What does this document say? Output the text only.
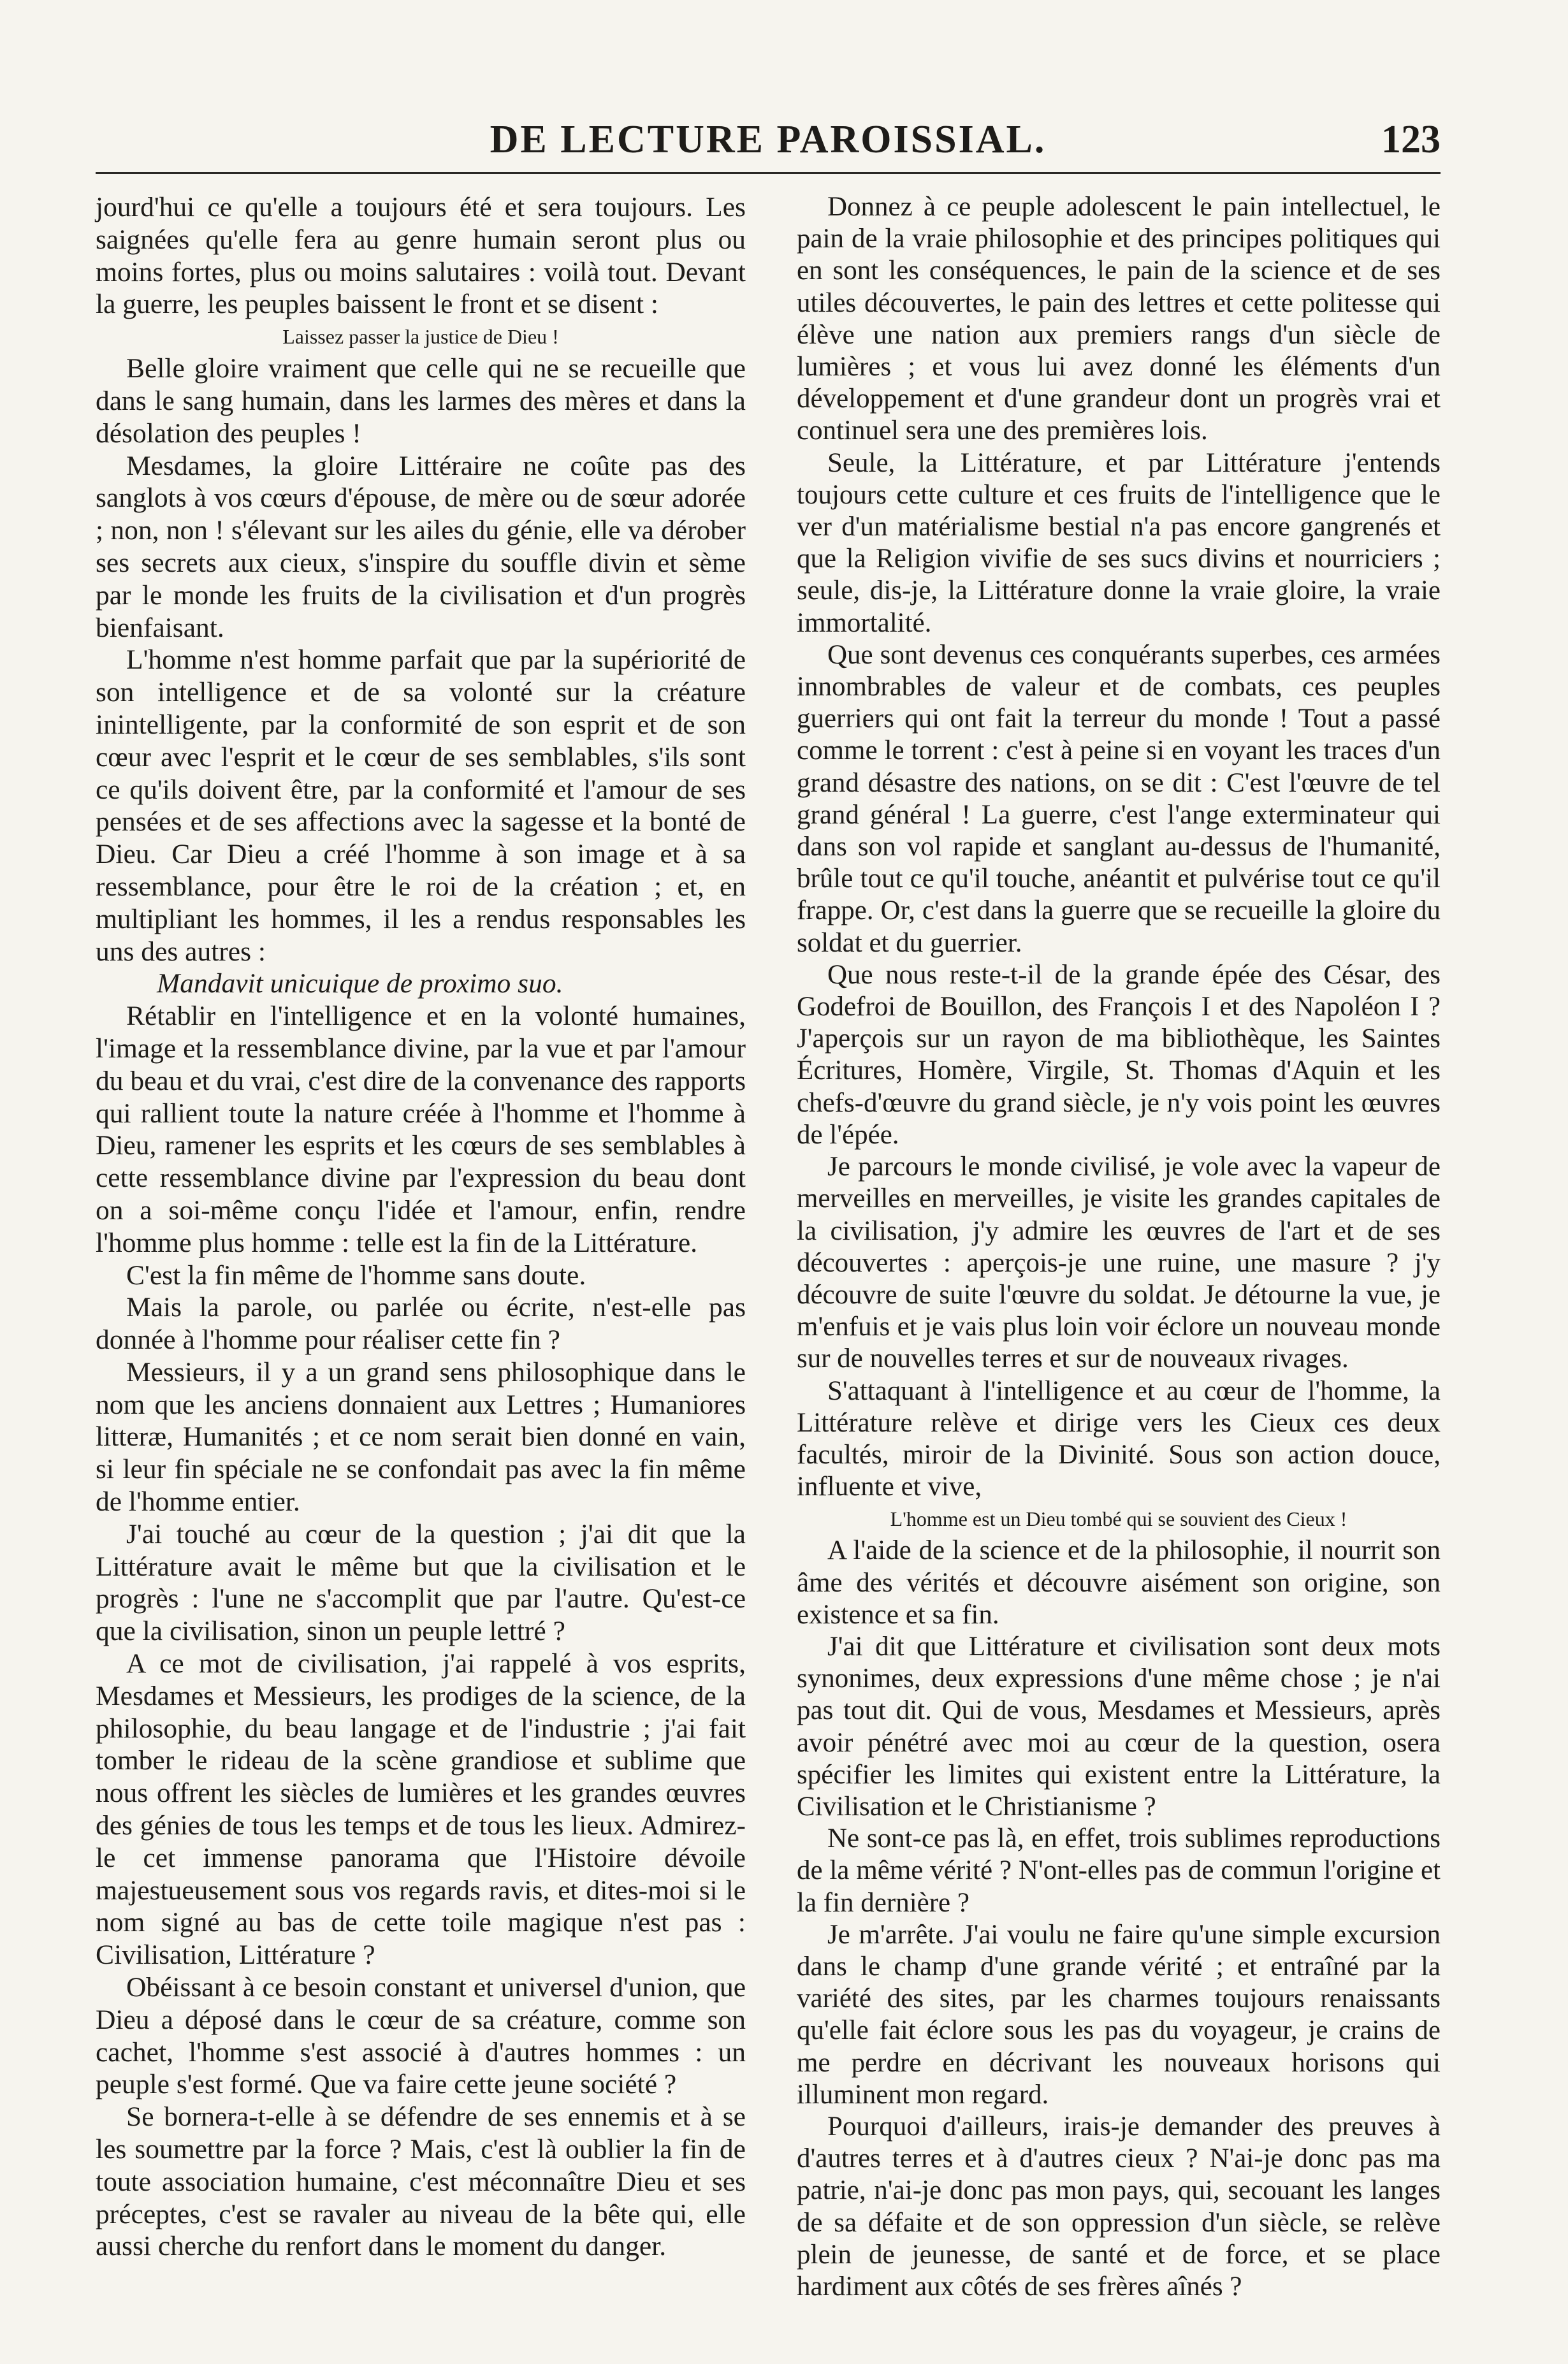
DE LECTURE PAROISSIAL.	123

jourd'hui ce qu'elle a toujours été et sera toujours. Les saignées qu'elle fera au genre humain seront plus ou moins fortes, plus ou moins salutaires : voilà tout. Devant la guerre, les peuples baissent le front et se disent :

Laissez passer la justice de Dieu !

Belle gloire vraiment que celle qui ne se recueille que dans le sang humain, dans les larmes des mères et dans la désolation des peuples !

Mesdames, la gloire Littéraire ne coûte pas des sanglots à vos cœurs d'épouse, de mère ou de sœur adorée ; non, non ! s'élevant sur les ailes du génie, elle va dérober ses secrets aux cieux, s'inspire du souffle divin et sème par le monde les fruits de la civilisation et d'un progrès bienfaisant.

L'homme n'est homme parfait que par la supériorité de son intelligence et de sa volonté sur la créature inintelligente, par la conformité de son esprit et de son cœur avec l'esprit et le cœur de ses semblables, s'ils sont ce qu'ils doivent être, par la conformité et l'amour de ses pensées et de ses affections avec la sagesse et la bonté de Dieu. Car Dieu a créé l'homme à son image et à sa ressemblance, pour être le roi de la création ; et, en multipliant les hommes, il les a rendus responsables les uns des autres :

Mandavit unicuique de proximo suo.

Rétablir en l'intelligence et en la volonté humaines, l'image et la ressemblance divine, par la vue et par l'amour du beau et du vrai, c'est dire de la convenance des rapports qui rallient toute la nature créée à l'homme et l'homme à Dieu, ramener les esprits et les cœurs de ses semblables à cette ressemblance divine par l'expression du beau dont on a soi-même conçu l'idée et l'amour, enfin, rendre l'homme plus homme : telle est la fin de la Littérature.

C'est la fin même de l'homme sans doute.

Mais la parole, ou parlée ou écrite, n'est-elle pas donnée à l'homme pour réaliser cette fin ?

Messieurs, il y a un grand sens philosophique dans le nom que les anciens donnaient aux Lettres ; Humaniores litteræ, Humanités ; et ce nom serait bien donné en vain, si leur fin spéciale ne se confondait pas avec la fin même de l'homme entier.

J'ai touché au cœur de la question ; j'ai dit que la Littérature avait le même but que la civilisation et le progrès : l'une ne s'accomplit que par l'autre. Qu'est-ce que la civilisation, sinon un peuple lettré ?

A ce mot de civilisation, j'ai rappelé à vos esprits, Mesdames et Messieurs, les prodiges de la science, de la philosophie, du beau langage et de l'industrie ; j'ai fait tomber le rideau de la scène grandiose et sublime que nous offrent les siècles de lumières et les grandes œuvres des génies de tous les temps et de tous les lieux. Admirez-le cet immense panorama que l'Histoire dévoile majestueusement sous vos regards ravis, et dites-moi si le nom signé au bas de cette toile magique n'est pas : Civilisation, Littérature ?

Obéissant à ce besoin constant et universel d'union, que Dieu a déposé dans le cœur de sa créature, comme son cachet, l'homme s'est associé à d'autres hommes : un peuple s'est formé. Que va faire cette jeune société ?

Se bornera-t-elle à se défendre de ses ennemis et à se les soumettre par la force ? Mais, c'est là oublier la fin de toute association humaine, c'est méconnaître Dieu et ses préceptes, c'est se ravaler au niveau de la bête qui, elle aussi cherche du renfort dans le moment du danger.

Donnez à ce peuple adolescent le pain intellectuel, le pain de la vraie philosophie et des principes politiques qui en sont les conséquences, le pain de la science et de ses utiles découvertes, le pain des lettres et cette politesse qui élève une nation aux premiers rangs d'un siècle de lumières ; et vous lui avez donné les éléments d'un développement et d'une grandeur dont un progrès vrai et continuel sera une des premières lois.

Seule, la Littérature, et par Littérature j'entends toujours cette culture et ces fruits de l'intelligence que le ver d'un matérialisme bestial n'a pas encore gangrenés et que la Religion vivifie de ses sucs divins et nourriciers ; seule, dis-je, la Littérature donne la vraie gloire, la vraie immortalité.

Que sont devenus ces conquérants superbes, ces armées innombrables de valeur et de combats, ces peuples guerriers qui ont fait la terreur du monde ! Tout a passé comme le torrent : c'est à peine si en voyant les traces d'un grand désastre des nations, on se dit : C'est l'œuvre de tel grand général ! La guerre, c'est l'ange exterminateur qui dans son vol rapide et sanglant au-dessus de l'humanité, brûle tout ce qu'il touche, anéantit et pulvérise tout ce qu'il frappe. Or, c'est dans la guerre que se recueille la gloire du soldat et du guerrier.

Que nous reste-t-il de la grande épée des César, des Godefroi de Bouillon, des François I et des Napoléon I ? J'aperçois sur un rayon de ma bibliothèque, les Saintes Écritures, Homère, Virgile, St. Thomas d'Aquin et les chefs-d'œuvre du grand siècle, je n'y vois point les œuvres de l'épée.

Je parcours le monde civilisé, je vole avec la vapeur de merveilles en merveilles, je visite les grandes capitales de la civilisation, j'y admire les œuvres de l'art et de ses découvertes : aperçois-je une ruine, une masure ? j'y découvre de suite l'œuvre du soldat. Je détourne la vue, je m'enfuis et je vais plus loin voir éclore un nouveau monde sur de nouvelles terres et sur de nouveaux rivages.

S'attaquant à l'intelligence et au cœur de l'homme, la Littérature relève et dirige vers les Cieux ces deux facultés, miroir de la Divinité. Sous son action douce, influente et vive,

L'homme est un Dieu tombé qui se souvient des Cieux !

A l'aide de la science et de la philosophie, il nourrit son âme des vérités et découvre aisément son origine, son existence et sa fin.

J'ai dit que Littérature et civilisation sont deux mots synonimes, deux expressions d'une même chose ; je n'ai pas tout dit. Qui de vous, Mesdames et Messieurs, après avoir pénétré avec moi au cœur de la question, osera spécifier les limites qui existent entre la Littérature, la Civilisation et le Christianisme ?

Ne sont-ce pas là, en effet, trois sublimes reproductions de la même vérité ? N'ont-elles pas de commun l'origine et la fin dernière ?

Je m'arrête. J'ai voulu ne faire qu'une simple excursion dans le champ d'une grande vérité ; et entraîné par la variété des sites, par les charmes toujours renaissants qu'elle fait éclore sous les pas du voyageur, je crains de me perdre en décrivant les nouveaux horisons qui illuminent mon regard.

Pourquoi d'ailleurs, irais-je demander des preuves à d'autres terres et à d'autres cieux ? N'ai-je donc pas ma patrie, n'ai-je donc pas mon pays, qui, secouant les langes de sa défaite et de son oppression d'un siècle, se relève plein de jeunesse, de santé et de force, et se place hardiment aux côtés de ses frères aînés ?
